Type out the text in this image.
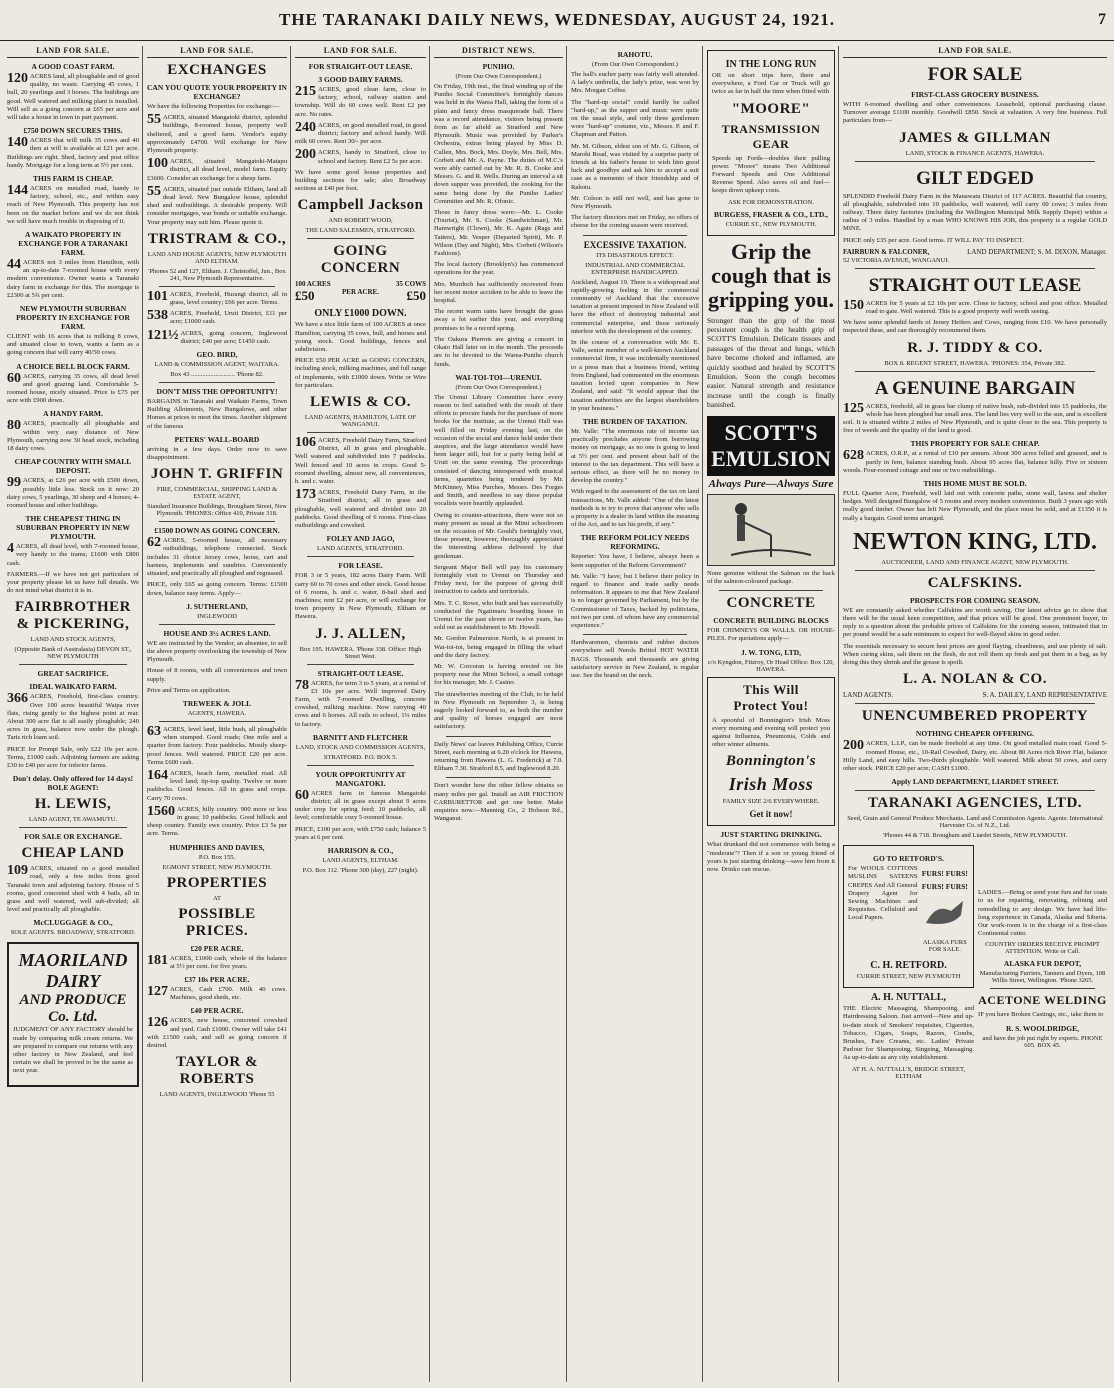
THE TARANAKI DAILY NEWS, WEDNESDAY, AUGUST 24, 1921.	7
LAND FOR SALE.
A GOOD COAST FARM.

120 ACRES land, all ploughable and of good quality, no waste. Carrying 45 cows, 1 bull, 20 yearlings and 3 horses. The buildings are good. Well watered and milking plant is installed. Will sell as a going concern at £65 per acre and will take a house in town in part payment.

£750 DOWN SECURES THIS.

140 ACRES that will milk 35 cows and 40 then at will is available at £21 per acre. Buildings are right. Shed, factory and post office handy. Mortgage for a long term at 5½ per cent.

THIS FARM IS CHEAP.

144 ACRES on metalled road, handy to factory, school, etc., and within easy reach of New Plymouth. This property has not been on the market before and we do not think we will have much trouble in disposing of it.

A WAIKATO PROPERTY IN EXCHANGE FOR A TARANAKI FARM.

44 ACRES not 3 miles from Hamilton, with an up-to-date 7-roomed house with every modern convenience. Owner wants a Taranaki dairy farm in exchange for this. The mortgage is £2300 at 5¾ per cent.

NEW PLYMOUTH SUBURBAN PROPERTY IN EXCHANGE FOR FARM.

CLIENT with 16 acres that is milking 8 cows, and situated close to town, wants a farm as a going concern that will carry 40/50 cows.

A CHOICE BELL BLOCK FARM.

60 ACRES, carrying 35 cows, all dead level and good grazing land. Comfortable 5-roomed house, nicely situated. Price is £75 per acre with £900 down.

A HANDY FARM.

80 ACRES, practically all ploughable and within very easy distance of New Plymouth, carrying now 30 head stock, including 18 dairy cows.

CHEAP COUNTRY WITH SMALL DEPOSIT.

99 ACRES, at £26 per acre with £500 down, possibly little less. Stock on it now: 20 dairy cows, 5 yearlings, 30 sheep and 4 horses; 4-roomed house and other buildings.

THE CHEAPEST THING IN SUBURBAN PROPERTY IN NEW PLYMOUTH.

4 ACRES, all dead level, with 7-roomed house, very handy to the trams; £1600 with £800 cash.

FARMERS.—If we have not got particulars of your property please let us have full details. We do not mind what district it is in.

FAIRBROTHER & PICKERING,
LAND AND STOCK AGENTS,
(Opposite Bank of Australasia) DEVON ST., NEW PLYMOUTH
GREAT SACRIFICE.
IDEAL WAIKATO FARM.

366 ACRES, Freehold, first-class country. Over 100 acres beautiful Waipa river flats, rising gently to the highest point at rear. About 300 acre flat is all easily ploughable; 240 acres in grass, balance now under the plough. Taris rich loam soil.

PRICE for Prompt Sale, only £22 10s per acre. Terms, £1000 cash. Adjoining farmers are asking £30 to £40 per acre for inferior farms.

Don't delay. Only offered for 14 days! BOLE AGENT:
H. LEWIS,
LAND AGENT, TE AWAMUTU.
FOR SALE OR EXCHANGE.
CHEAP LAND

109 ACRES, situated on a good metalled road, only a few miles from good Taranaki town and adjoining factory. House of 5 rooms, good concreted shed with 4 bails, all in grass and well watered, well sub-divided; all level and practically all ploughable.

McCLUGGAGE & CO.,
SOLE AGENTS. BROADWAY, STRATFORD.
MAORILAND DAIRY
AND PRODUCE Co. Ltd.

JUDGMENT OF ANY FACTORY should be made by comparing milk cream returns. We are prepared to compare our returns with any other factory in New Zealand, and feel certain we shall be proved to be the same as next year.

LAND FOR SALE.
EXCHANGES
CAN YOU QUOTE YOUR PROPERTY IN EXCHANGE?

We have the following Properties for exchange:—

55 ACRES, situated Mangatoki district, splendid buildings, 8-roomed house, property well sheltered, and a good farm. Vendor's equity approximately £4700. Will exchange for New Plymouth property.

100 ACRES, situated Mangatoki-Matapu district, all dead level, model farm. Equity £3600. Consider an exchange for a sheep farm.

55 ACRES, situated just outside Eltham, land all dead level. New Bungalow house, splendid shed and outbuildings. A desirable property. Will consider mortgages, war bonds or suitable exchange. Your property may suit him. Please quote it.

TRISTRAM & CO.,
LAND AND HOUSE AGENTS, NEW PLYMOUTH AND ELTHAM.
'Phones 52 and 127, Eltham. J. Christoffel, Jun., Box 241, New Plymouth Representative.

101 ACRES, Freehold, Hurangi district, all in grass, level country; £66 per acre. Terms.

538 ACRES, Freehold, Uruti District, £11 per acre; £1000 cash.

121½ ACRES, going concern, Inglewood district; £40 per acre; £1450 cash.

GEO. BIRD,
LAND & COMMISSION AGENT, WAITARA.
Box 43 ........................... 'Phone 82.
DON'T MISS THE OPPORTUNITY!

BARGAINS in Taranaki and Waikato Farms, Town Building Allotments, New Bungalows, and other Homes at prices to meet the times. Another shipment of the famous

PETERS' WALL-BOARD

arriving in a few days. Order now to save disappointment.

JOHN T. GRIFFIN
FIRE, COMMERCIAL, SHIPPING LAND & ESTATE AGENT,
Standard Insurance Buildings, Brougham Street, New Plymouth. 'PHONES: Office 410, Private 318.
£1500 DOWN AS GOING CONCERN.

62 ACRES, 5-roomed house, all necessary outbuildings, telephone connected. Stock includes 31 choice Jersey cows, horse, cart and harness, implements and sundries. Conveniently situated, and practically all ploughed and regrassed.

PRICE, only £65 as going concern. Terms: £1500 down, balance easy terms. Apply—

J. SUTHERLAND,
INGLEWOOD
HOUSE AND 3½ ACRES LAND.

WE are instructed by the Vendor, an absentee, to sell the above property overlooking the township of New Plymouth.

House of 8 rooms, with all conveniences and town supply.

Price and Terms on application.

TREWEEK & JOLL
AGENTS, HAWERA.

63 ACRES, level land, little bush, all ploughable when stumped. Good roads; One mile and a quarter from factory. Four paddocks. Mostly sheep-proof fences. Well watered. PRICE £20 per acre. Terms £600 cash.

164 ACRES, beach farm, metalled road. All level land; tip-top quality. Twelve or more paddocks. Good fences. All in grass and crops. Carry 70 cows.

1560 ACRES, hilly country. 900 more or less in grass; 10 paddocks. Good hillock and sheep country. Family ewe country. Price £3 5s per acre. Terms.

HUMPHRIES AND DAVIES,
P.O. Box 155.
EGMONT STREET, NEW PLYMOUTH.
PROPERTIES
AT
POSSIBLE PRICES.
£20 PER ACRE.

181 ACRES, £1000 cash, whole of the balance at 5½ per cent. for five years.

£37 10s PER ACRE.

127 ACRES, Cash £700. Milk 40 cows. Machines, good sheds, etc.

£40 PER ACRE.

126 ACRES, new house, concreted cowshed and yard. Cash £1000. Owner will take £41 with £1500 cash, and sell as going concern if desired.

TAYLOR & ROBERTS
LAND AGENTS, INGLEWOOD 'Phone 55
LAND FOR SALE.
FOR STRAIGHT-OUT LEASE.
3 GOOD DAIRY FARMS.

215 ACRES, good clean farm, close to factory, school, railway station and township. Will do 60 cows well. Rent £2 per acre. No rates.

240 ACRES, on good metalled road, in good district; factory and school handy. Will milk 60 cows. Rent 30/- per acre.

200 ACRES, handy to Stratford, close to school and factory. Rent £2 5s per acre.

We have some good house properties and building sections for sale; also Broadway sections at £40 per foot.

Campbell Jackson
AND ROBERT WOOD,
THE LAND SALESMEN, STRATFORD.
GOING CONCERN
100 ACRES	35 COWS
£50	PER ACRE. £50
ONLY £1000 DOWN.

We have a nice little farm of 100 ACRES at once Hamilton, carrying 35 cows, bull, and horses and young stock. Good buildings, fences and subdivision.

PRICE £50 PER ACRE as GOING CONCERN, including stock, milking machines, and full range of implements, with £1000 down. Write or Wire for particulars.

LEWIS & CO.
LAND AGENTS, HAMILTON, LATE OF WANGANUI.

106 ACRES, Freehold Dairy Farm, Stratford District, all in grass and ploughable. Well watered and subdivided into 7 paddocks. Well fenced and 10 acres in crops. Good 5-roomed dwelling, almost new, all conveniences, h. and c. water.

173 ACRES, Freehold Dairy Farm, in the Stratford district, all in grass and ploughable, well watered and divided into 20 paddocks. Good dwelling of 6 rooms. First-class outbuildings and cowshed.

FOLEY AND JAGO,
LAND AGENTS, STRATFORD.
FOR LEASE.

FOR 3 or 5 years, 182 acres Dairy Farm. Will carry 60 to 70 cows and other stock. Good house of 6 rooms, h. and c. water, 8-bail shed and machines; rent £2 per acre, or will exchange for town property in New Plymouth, Eltham or Hawera.

J. J. ALLEN,
Box 195. HAWERA. 'Phone 338. Office: High Street West.
STRAIGHT-OUT LEASE.

78 ACRES, for term 3 to 5 years, at a rental of £3 10s per acre. Well improved Dairy Farm, with 7-roomed Dwelling, concrete cowshed, milking machine. Now carrying 40 cows and 6 horses. All rails to school, 1¼ miles to factory.

BARNITT AND FLETCHER
LAND, STOCK AND COMMISSION AGENTS,
STRATFORD. P.O. BOX 5.
YOUR OPPORTUNITY AT MANGATOKI.

60 ACRES farm in famous Mangatoki district; all in grass except about 9 acres under crop for spring feed; 10 paddocks, all level; comfortable cozy 5-roomed house.

PRICE, £100 per acre, with £750 cash; balance 5 years at 6 per cent.

HARRISON & CO.,
LAND AGENTS, ELTHAM.
P.O. Box 112. 'Phone 300 (day), 227 (night).
DISTRICT NEWS.
PUNIHO.
(From Our Own Correspondent.)

On Friday, 19th inst., the final winding up of the Puniho Social Committee's fortnightly dances was held in the Warea Hall, taking the form of a plain and fancy dress masquerade ball. There was a record attendance, visitors being present from as far afield as Stratford and New Plymouth. Music was provided by Parker's Orchestra, extras being played by Miss D. Cullen, Mrs. Bock, Mrs. Doyle, Mrs. Bell, Mrs. Corbett and Mr. A. Payne. The duties of M.C.'s were ably carried out by Mr. R. B. Cooke and Messrs. G. and R. Wells. During an interval a sit down supper was provided, the cooking for the same being done by the Puniho Ladies' Committee and Mr. R. Ofonic.

Those in fancy dress were:—Mr. L. Cooke (Tourist), Mr. S. Cooke (Sandwichman), Mr. Hamwright (Clown), Mr. K. Agate (Rags and Tatters), Mr. Vesper (Departed Spirit), Mr. P. Wilson (Day and Night), Mrs. Corbett (Wilson's Fashions).

The local factory (Brooklyn's) has commenced operations for the year.

Mrs. Murdoch has sufficiently recovered from her recent motor accident to be able to leave the hospital.

The recent warm rains have brought the grass away a lot earlier this year, and everything promises to be a record spring.

The Oakura Pierrots are giving a concert in Okato Hall later on in the month. The proceeds are to be devoted to the Warea-Puniho church funds.

WAI-TOI-TOI—URENUI.
(From Our Own Correspondent.)

The Urenui Library Committee have every reason to feel satisfied with the result of their efforts to procure funds for the purchase of more books for the institute, as the Urenui Hall was well filled on Friday evening last, on the occasion of the social and dance held under their auspices, and the large attendance would have been larger still, but for a party being held at Uruti on the same evening. The proceedings consisted of dancing interspersed with musical items, quartettes being rendered by Mr. McKinney, Miss Purches, Messrs. Des Forges and Smith, and needless to say these popular vocalists were heartily applauded.

Owing to counter-attractions, there were not so many present as usual at the Mimi schoolroom on the occasion of Mr. Gould's fortnightly visit, those present, however, thoroughly appreciated the interesting address delivered by that gentleman.

Sergeant Major Bell will pay his customary fortnightly visit to Urenui on Thursday and Friday next, for the purpose of giving drill instruction to cadets and territorials.

Mrs. T. C. Rowe, who built and has successfully conducted the Ngatimaru boarding house in Urenui for the past eleven or twelve years, has sold out as establishment to Mr. Howell.

Mr. Gordon Palmerston North, is at present in Wai-toi-toi, being engaged in filling the wharf and the dairy factory.

Mr. W. Corcoran is having erected on his property near the Mimi School, a small cottage for his manager, Mr. J. Casino.

The strawberries meeting of the Club, to be held in New Plymouth on September 3, is being eagerly looked forward to, as both the number and quality of horses engaged are most satisfactory.

Daily News' car leaves Publishing Office, Currie Street, each morning at 6.20 o'clock for Hawera, returning from Hawera (L. G. Frederick) at 7.0. Eltham 7.30. Stratford 8.5, and Inglewood 8.20.

Don't wonder how the other fellow obtains so many miles per gal. Install an AIR FRICTION CARBURETTOR and get one better. Make enquiries now.—Manning Co., 2 Hobson Rd., Wanganui.

RAHOTU.
(From Our Own Correspondent.)

The hall's euchre party was fairly well attended. A lady's umbrella, the lady's prize, was won by Mrs. Morgan Coffee.

The "hard-up social" could hardly be called "hard-up," as the supper and music were quite on the usual style, and only three gentlemen wore "hard-up" costume, viz., Messrs. P. and F. Chapman and Patton.

Mr. M. Gibson, eldest son of Mr. G. Gibson, of Marohi Road, was visited by a surprise party of friends at his father's house to wish him good luck and goodbye and ask him to accept a suit case as a memento of their friendship and of Rahotu.

Mr. Colson is still not well, and has gone to New Plymouth.

The factory directors met on Friday, no offers of cheese for the coming season were received.

EXCESSIVE TAXATION.
ITS DISASTROUS EFFECT.
INDUSTRIAL AND COMMERCIAL ENTERPRISE HANDICAPPED.

Auckland, August 19. There is a widespread and rapidly-growing feeling in the commercial community of Auckland that the excessive taxation at present imposed in New Zealand will have the effect of destroying industrial and commercial enterprise, and those seriously interfere with the development of the country.

In the course of a conversation with Mr. E. Valle, senior member of a well-known Auckland commercial firm, it was incidentally mentioned to a press man that a business friend, writing from England, had commented on the enormous taxation levied upon companies in New Zealand, and said: "It would appear that the taxation authorities are the largest shareholders in your business."

THE BURDEN OF TAXATION.

Mr. Valle: "The enormous rate of income tax practically precludes anyone from borrowing money on mortgage, as no one is going to lend at 5½ per cent. and present about half of the interest to the tax department. This will have a serious effect, as there will be no money to develop the country."

With regard to the assessment of the tax on land transactions, Mr. Valle added: "One of the latest methods is to try to prove that anyone who sells a property is a dealer in land within the meaning of the Act, and to tax his profit, if any."

THE REFORM POLICY NEEDS REFORMING.

Reporter: You have, I believe, always been a keen supporter of the Reform Government?

Mr. Valle: "I have, but I believe their policy in regard to finance and trade sadly needs reformation. It appears to me that New Zealand is no longer governed by Parliament, but by the Commissioner of Taxes, backed by politicians, not two per cent. of whom have any commercial experience."

Hardwaremen, chemists and rubber doctors everywhere sell Nerols Brittol HOT WATER BAGS. Thousands and thousands are giving satisfactory service in New Zealand, is regular use. See the brand on the neck.

IN THE LONG RUN

OR on short trips here, there and everywhere, a Ford Car or Truck will go twice as far in half the time when fitted with

"MOORE"
TRANSMISSION GEAR

Speeds up Fords—doubles their pulling power. "Moore" means Two Additional Forward Speeds and One Additional Reverse Speed. Also saves oil and fuel—keeps down upkeep costs.

ASK FOR DEMONSTRATION.
BURGESS, FRASER & CO., LTD.,
CURRIE ST., NEW PLYMOUTH.
Grip the cough that is gripping you.

Stronger than the grip of the most persistent cough is the health grip of SCOTT'S Emulsion. Delicate tissues and passages of the throat and lungs, which have become choked and inflamed, are quickly soothed and healed by SCOTT'S Emulsion. Soon the cough becomes easier. Natural strength and resistance increase until the cough is finally banished.

SCOTT'S
EMULSION
Always Pure—Always Sure

None genuine without the Salman on the back of the salmon-coloured package.

CONCRETE
CONCRETE BUILDING BLOCKS

FOR CHIMNEYS OR WALLS. OR HOUSE-PILES. For quotations apply—

J. W. TONG, LTD,
c/o Kyngdon, Fitzroy, Or Head Office: Box 120, HAWERA.
This Will
Protect You!

A spoonful of Bonnington's Irish Moss every morning and evening will protect you against Influenza, Pneumonia, Colds and other winter ailments.

Bonnington's
Irish Moss
FAMILY SIZE 2/6 EVERYWHERE.
Get it now!
JUST STARTING DRINKING.

What drunkard did not commence with being a "moderate"? Then if a son or young friend of yours is just starting drinking—save him from it now. Drinko can rescue.

LAND FOR SALE.
FOR SALE
FIRST-CLASS GROCERY BUSINESS.

WITH 6-roomed dwelling and other conveniences. Leasehold, optional purchasing clause. Turnover average £1100 monthly. Goodwill £850. Stock at valuation. A very fine business. Full particulars from—

JAMES & GILLMAN
LAND, STOCK & FINANCE AGENTS, HAWERA.
GILT EDGED

SPLENDID Freehold Dairy Farm in the Manawatu District of 117 ACRES. Beautiful flat country, all ploughable, subdivided into 10 paddocks, well watered; will carry 60 cows; 3 miles from railway. Three dairy factories (including the Wellington Municipal Milk Supply Depot) within a radius of 3 miles. Handled by a man WHO KNOWS HIS JOB, this property is a regular GOLD MINE.

PRICE only £35 per acre. Good terms. IT WILL PAY TO INSPECT.

FAIRBURN & FALCONER,	LAND DEPARTMENT; S. M. DIXON, Manager.
52 VICTORIA AVENUE, WANGANUI.
STRAIGHT OUT LEASE

150 ACRES for 5 years at £2 10s per acre. Close to factory, school and post office. Metalled road to gate. Well watered. This is a good property well worth seeing.

We have some splendid herds of Jersey Heifers and Cows, ranging from £10. We have personally inspected these, and can thoroughly recommend them.

R. J. TIDDY & CO.
BOX 8. REGENT STREET, HAWERA. 'PHONES: 354, Private 382.
A GENUINE BARGAIN

125 ACRES, freehold, all in grass bar clump of native bush, sub-divided into 15 paddocks, the whole has been ploughed bar small area. The land lies very well to the sun, and is excellent soil. It is situated within 2 miles of New Plymouth, and is quite close to the sea. This property is free of weeds and the quality of the land is good.

THIS PROPERTY FOR SALE CHEAP.

628 ACRES, O.R.P., at a rental of £10 per annum. About 300 acres felled and grassed, and is partly in fern, balance standing bush. About 95 acres flat, balance hilly. Five or sixteen woods. Four-roomed cottage and one or two outbuildings.

THIS HOME MUST BE SOLD.

FULL Quarter Acre, Freehold, well laid out with concrete paths, stone wall, lawns and shelter hedges. Well designed Bungalow of 5 rooms and every modern convenience. Built 3 years ago with really good timber. Owner has left New Plymouth, and the place must be sold, and at £1350 it is really a bargain. Good terms arranged.

NEWTON KING, LTD.
AUCTIONEER, LAND AND FINANCE AGENT, NEW PLYMOUTH.
CALFSKINS.
PROSPECTS FOR COMING SEASON.

WE are constantly asked whether Calfskins are worth saving. Our latest advice go to show that there will be the usual keen competition, and that prices will be good. One prominent buyer, in reply to a question about the probable prices of Calfskins for the coming season, intimated that in per pound would be a safe minimum to expect for well-flayed skins in good order.

The essentials necessary to secure best prices are good flaying, cleanliness, and use plenty of salt. When curing skins, salt them on the flesh, do not roll them up fresh and put them in a bag, as by doing this they shrink and the grease is spoilt.

L. A. NOLAN & CO.
LAND AGENTS.	S. A. DAILEY, LAND REPRESENTATIVE
UNENCUMBERED PROPERTY
NOTHING CHEAPER OFFERING.

200 ACRES, L.I.P., can be made freehold at any time. On good metalled main road. Good 5-roomed House, etc., 10-Rail Cowshed, Dairy, etc. About 80 Acres rich River Flat, balance Hilly Land, and easy hills. Two-thirds ploughable. Well watered. Milk about 50 cows, and carry other stock. PRICE £20 per acre; CASH £1000.

Apply LAND DEPARTMENT, LIARDET STREET.
TARANAKI AGENCIES, LTD.
Seed, Grain and General Produce Merchants. Land and Commission Agents. Agents: International Harvester Co. of N.Z., Ltd.
'Phones 44 & 718. Brougham and Liardet Streets, NEW PLYMOUTH.
GO TO RETFORD'S.

For WOOLS COTTONS MUSLINS SATEENS CREPES And All General Drapery Agent for Sewing Machines and Requisites. Celluloid and Local Papers.

FURS! FURS!
FURS! FURS!
ALASKA FURS FOR SALE.
C. H. RETFORD.
CURRIE STREET, NEW PLYMOUTH
A. H. NUTTALL,

THE Electric Massaging, Shampooing, and Hairdressing Saloon. Just arrived—New and up-to-date stock of Smokers' requisites, Cigarettes, Tobacco, Cigars, Soaps, Razors, Combs, Brushes, Face Creams, etc. Ladies' Private Parlour for Shampooing, Singeing, Massaging. As up-to-date as any city establishment.

AT H. A. NUTTALL'S, BRIDGE STREET, ELTHAM

LADIES.—Bring or send your furs and fur coats to us for repairing, renovating, relining and remodelling to any design. We have had life-long experience in Canada, Alaska and Siberia. Our work-room is in the charge of a first-class Continental cutter.

COUNTRY ORDERS RECEIVE PROMPT ATTENTION. Write or Call.
ALASKA FUR DEPOT,
Manufacturing Furriers, Tanners and Dyers, 108 Willis Street, Wellington. 'Phone 3265.
ACETONE WELDING

IF you have Broken Castings, etc., take them to

R. S. WOOLDRIDGE,
and have the job put right by experts. PHONE 605. BOX 45.
